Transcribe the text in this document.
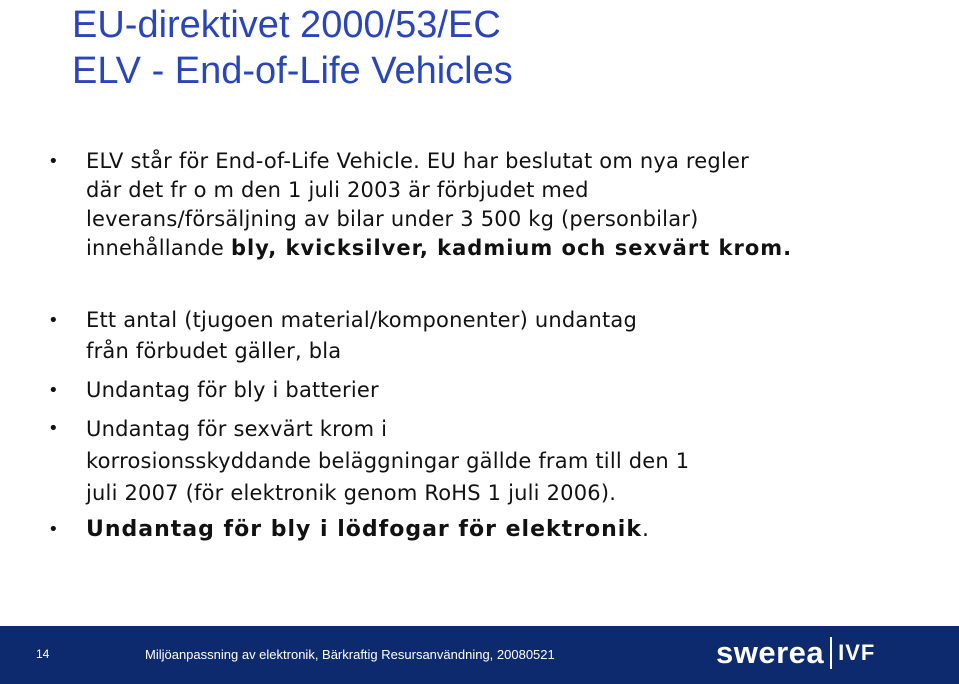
EU-direktivet 2000/53/EC
ELV - End-of-Life Vehicles
• ELV står för End-of-Life Vehicle. EU har beslutat om nya regler
där det fr o m den 1 juli 2003 är förbjudet med
leverans/försäljning av bilar under 3 500 kg (personbilar)
innehållande bly, kvicksilver, kadmium och sexvärt krom.
• Ett antal (tjugoen material/komponenter) undantag
från förbudet gäller, bla
• Undantag för bly i batterier
• Undantag för sexvärt krom i
korrosionsskyddande beläggningar gällde fram till den 1
juli 2007 (för elektronik genom RoHS 1 juli 2006).
• Undantag för bly i lödfogar för elektronik.
14	Miljöanpassning av elektronik, Bärkraftig Resursanvändning, 20080521	swerea IVF
